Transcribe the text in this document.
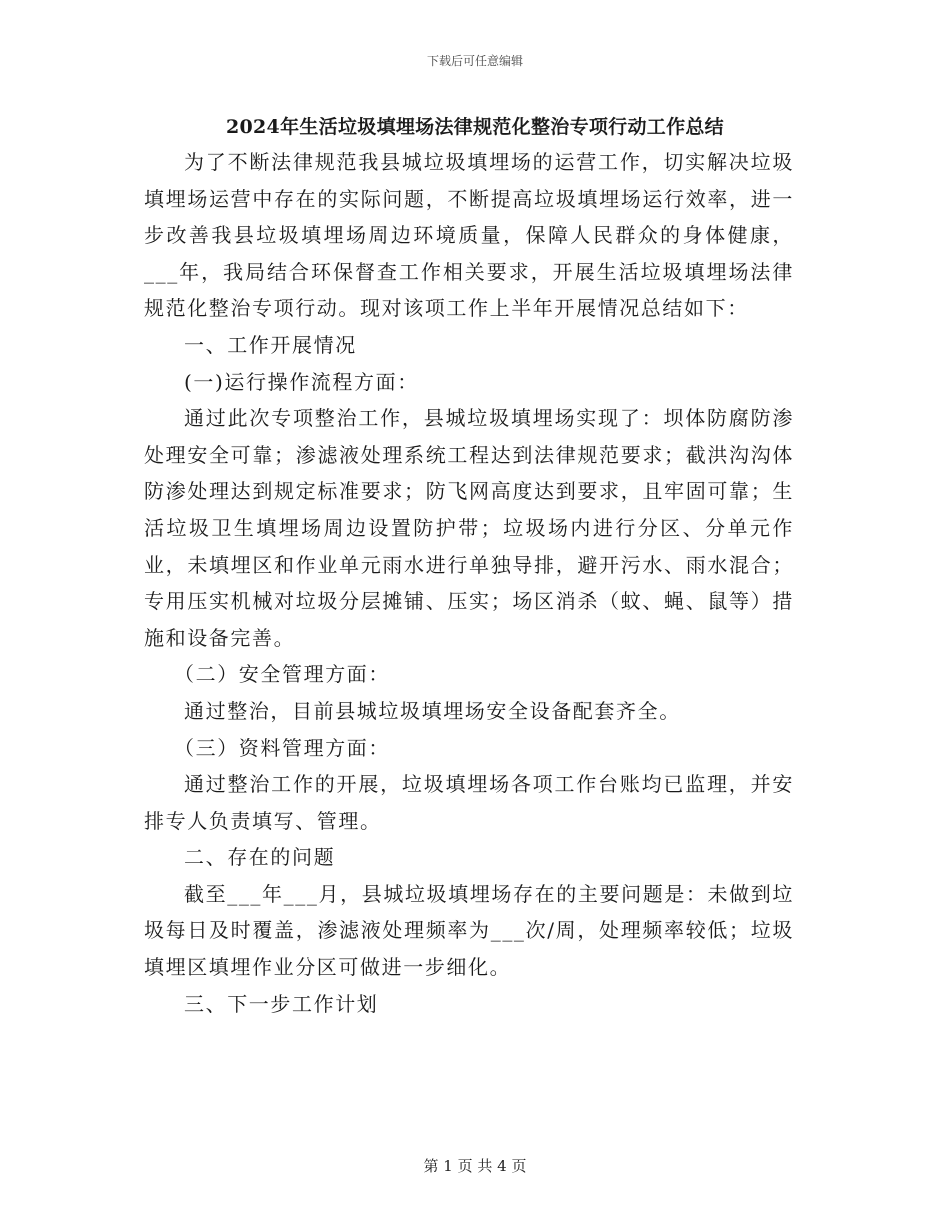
下载后可任意编辑
2024年生活垃圾填埋场法律规范化整治专项行动工作总结

为了不断法律规范我县城垃圾填埋场的运营工作，切实解决垃圾填埋场运营中存在的实际问题，不断提高垃圾填埋场运行效率，进一步改善我县垃圾填埋场周边环境质量，保障人民群众的身体健康，___年，我局结合环保督查工作相关要求，开展生活垃圾填埋场法律规范化整治专项行动。现对该项工作上半年开展情况总结如下：

一、工作开展情况

(一)运行操作流程方面：

通过此次专项整治工作，县城垃圾填埋场实现了：坝体防腐防渗处理安全可靠；渗滤液处理系统工程达到法律规范要求；截洪沟沟体防渗处理达到规定标准要求；防飞网高度达到要求，且牢固可靠；生活垃圾卫生填埋场周边设置防护带；垃圾场内进行分区、分单元作业，未填埋区和作业单元雨水进行单独导排，避开污水、雨水混合；专用压实机械对垃圾分层摊铺、压实；场区消杀（蚊、蝇、鼠等）措施和设备完善。

（二）安全管理方面：

通过整治，目前县城垃圾填埋场安全设备配套齐全。

（三）资料管理方面：

通过整治工作的开展，垃圾填埋场各项工作台账均已监理，并安排专人负责填写、管理。

二、存在的问题

截至___年___月，县城垃圾填埋场存在的主要问题是：未做到垃圾每日及时覆盖，渗滤液处理频率为___次/周，处理频率较低；垃圾填埋区填埋作业分区可做进一步细化。

三、下一步工作计划

第 1 页 共 4 页
